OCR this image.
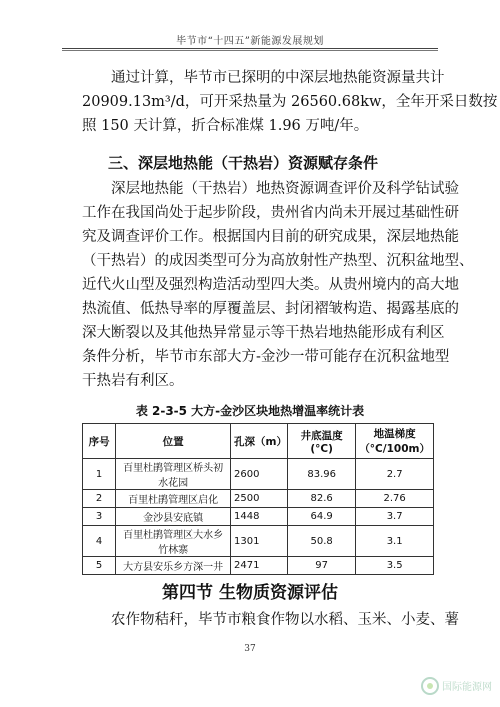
毕节市“十四五”新能源发展规划
通过计算，毕节市已探明的中深层地热能资源量共计
20909.13m³/d，可开采热量为 26560.68kw，全年开采日数按
照 150 天计算，折合标准煤 1.96 万吨/年。
三、深层地热能（干热岩）资源赋存条件
深层地热能（干热岩）地热资源调查评价及科学钻试验
工作在我国尚处于起步阶段，贵州省内尚未开展过基础性研
究及调查评价工作。根据国内目前的研究成果，深层地热能
（干热岩）的成因类型可分为高放射性产热型、沉积盆地型、
近代火山型及强烈构造活动型四大类。从贵州境内的高大地
热流值、低热导率的厚覆盖层、封闭褶皱构造、揭露基底的
深大断裂以及其他热异常显示等干热岩地热能形成有利区
条件分析，毕节市东部大方-金沙一带可能存在沉积盆地型
干热岩有利区。
表 2-3-5 大方-金沙区块地热增温率统计表
序号	位置	孔深（m）	井底温度(°C)	地温梯度（°C/100m）
1	百里杜鹃管理区桥头初水花园	2600	83.96	2.7
2	百里杜鹃管理区启化	2500	82.6	2.76
3	金沙县安底镇	1448	64.9	3.7
4	百里杜鹃管理区大水乡竹林寨	1301	50.8	3.1
5	大方县安乐乡方深一井	2471	97	3.5
第四节 生物质资源评估
农作物秸秆，毕节市粮食作物以水稻、玉米、小麦、薯
37
国际能源网
